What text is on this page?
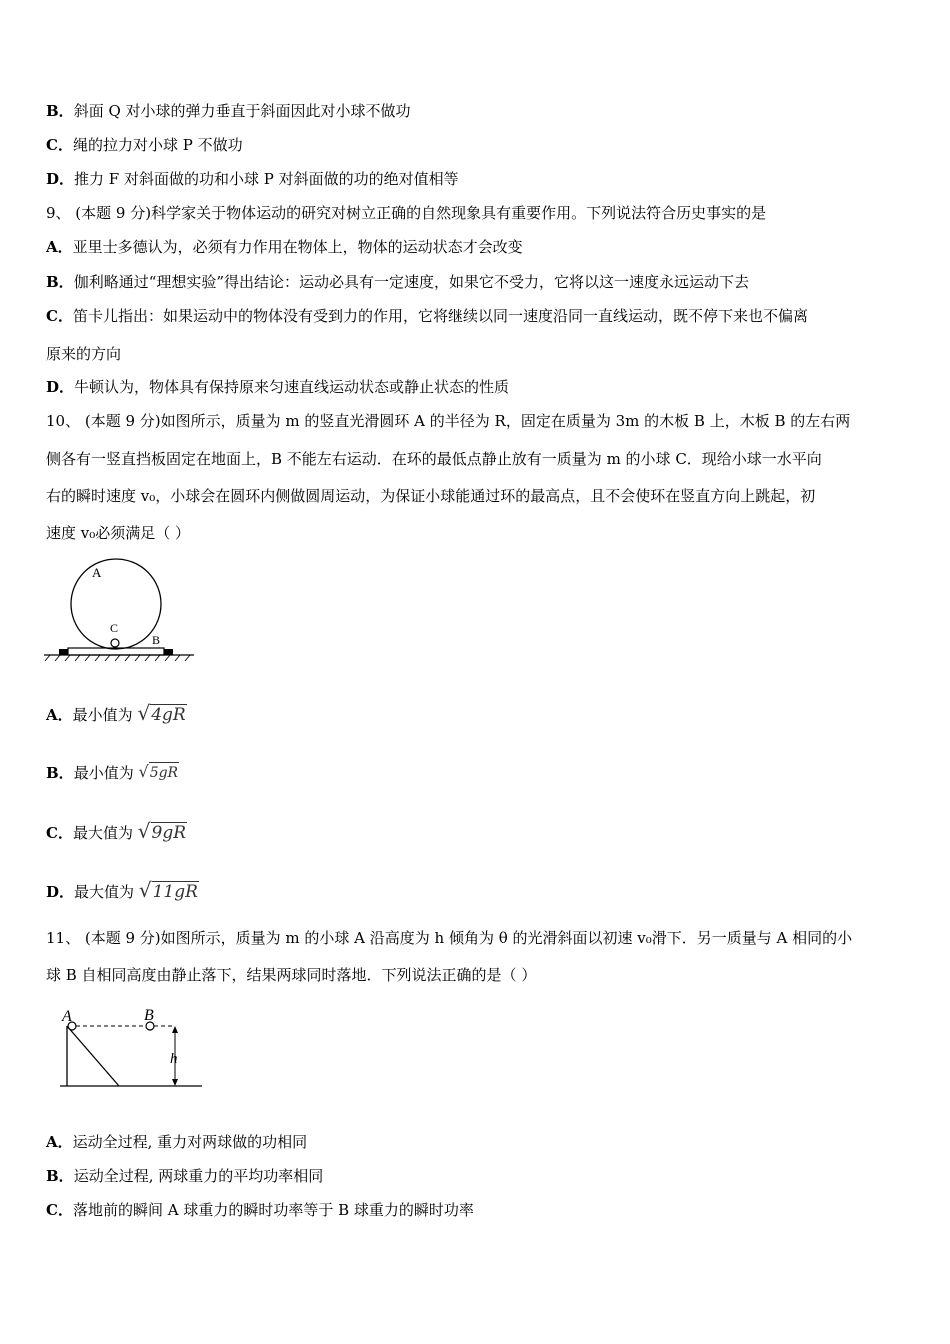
B．斜面 Q 对小球的弹力垂直于斜面因此对小球不做功
C．绳的拉力对小球 P 不做功
D．推力 F 对斜面做的功和小球 P 对斜面做的功的绝对值相等
9、 (本题 9 分)科学家关于物体运动的研究对树立正确的自然现象具有重要作用。下列说法符合历史事实的是
A．亚里士多德认为，必须有力作用在物体上，物体的运动状态才会改变
B．伽利略通过“理想实验”得出结论：运动必具有一定速度，如果它不受力，它将以这一速度永远运动下去
C．笛卡儿指出：如果运动中的物体没有受到力的作用，它将继续以同一速度沿同一直线运动，既不停下来也不偏离
原来的方向
D．牛顿认为，物体具有保持原来匀速直线运动状态或静止状态的性质
10、 (本题 9 分)如图所示，质量为 m 的竖直光滑圆环 A 的半径为 R，固定在质量为 3m 的木板 B 上，木板 B 的左右两
侧各有一竖直挡板固定在地面上，B 不能左右运动．在环的最低点静止放有一质量为 m 的小球 C．现给小球一水平向
右的瞬时速度 v₀，小球会在圆环内侧做圆周运动，为保证小球能通过环的最高点，且不会使环在竖直方向上跳起，初
速度 v₀必须满足（ ）
A
C
B
A．最小值为 √4gR
B．最小值为 √5gR
C．最大值为 √9gR
D．最大值为 √11gR
11、 (本题 9 分)如图所示，质量为 m 的小球 A 沿高度为 h 倾角为 θ 的光滑斜面以初速 v₀滑下．另一质量与 A 相同的小
球 B 自相同高度由静止落下，结果两球同时落地．下列说法正确的是（ ）
A	B
h
A．运动全过程, 重力对两球做的功相同
B．运动全过程, 两球重力的平均功率相同
C．落地前的瞬间 A 球重力的瞬时功率等于 B 球重力的瞬时功率
